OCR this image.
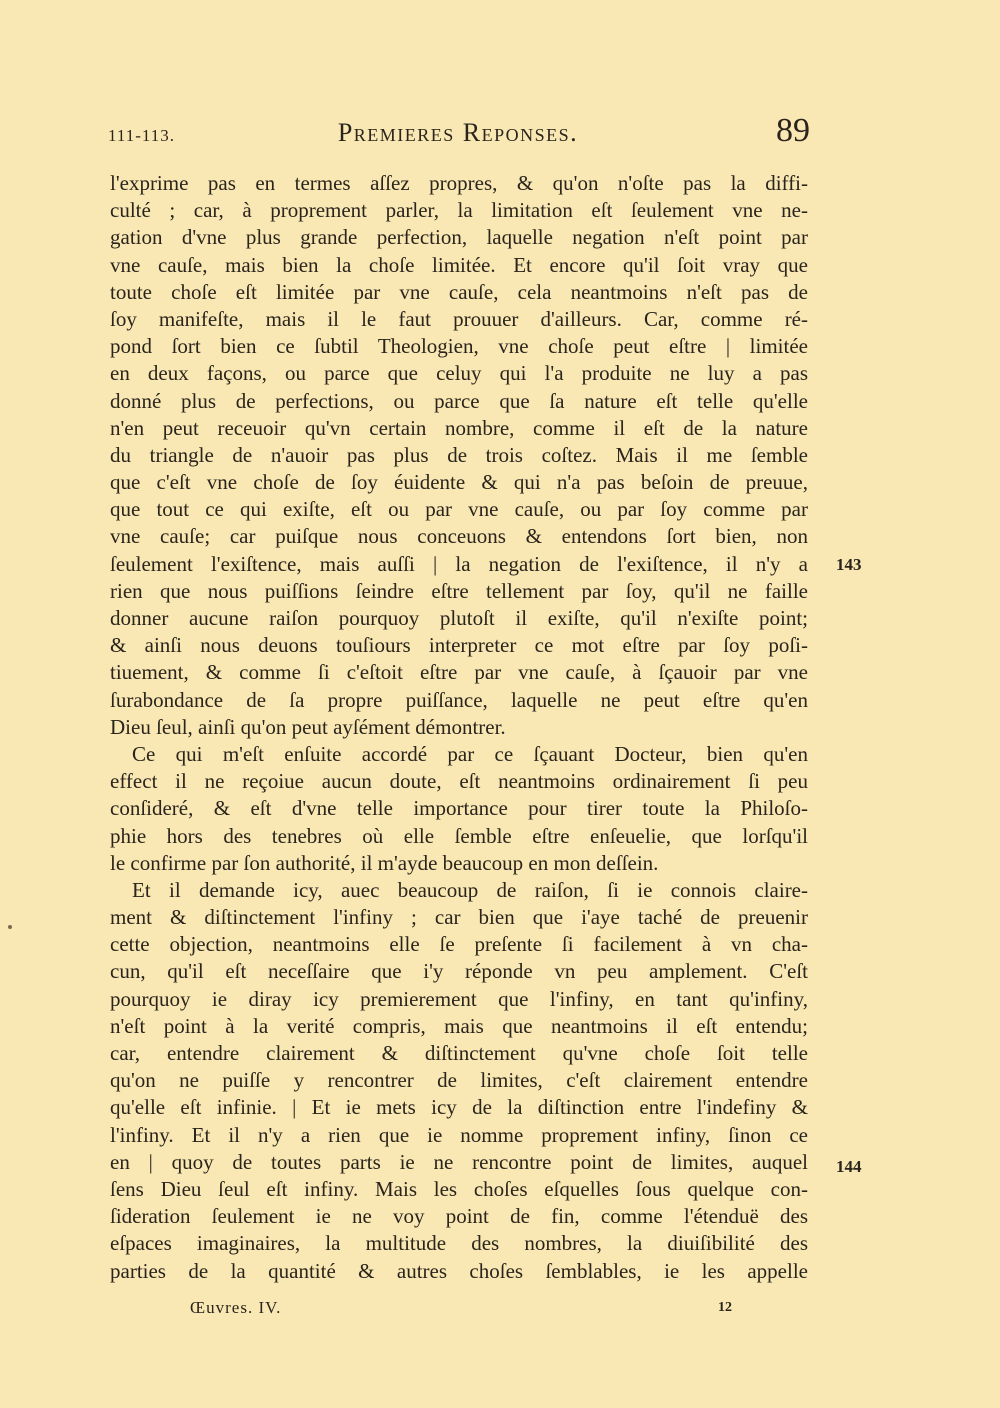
111-113.	Premieres Reponses.	89
l'exprime pas en termes aſſez propres, & qu'on n'oſte pas la diffi-
culté ; car, à proprement parler, la limitation eſt ſeulement vne ne-
gation d'vne plus grande perfection, laquelle negation n'eſt point par
vne cauſe, mais bien la choſe limitée. Et encore qu'il ſoit vray que
toute choſe eſt limitée par vne cauſe, cela neantmoins n'eſt pas de
ſoy manifeſte, mais il le faut prouuer d'ailleurs. Car, comme ré-
pond ſort bien ce ſubtil Theologien, vne choſe peut eſtre | limitée
en deux façons, ou parce que celuy qui l'a produite ne luy a pas
donné plus de perfections, ou parce que ſa nature eſt telle qu'elle
n'en peut receuoir qu'vn certain nombre, comme il eſt de la nature
du triangle de n'auoir pas plus de trois coſtez. Mais il me ſemble
que c'eſt vne choſe de ſoy éuidente & qui n'a pas beſoin de preuue,
que tout ce qui exiſte, eſt ou par vne cauſe, ou par ſoy comme par
vne cauſe; car puiſque nous conceuons & entendons ſort bien, non
ſeulement l'exiſtence, mais auſſi | la negation de l'exiſtence, il n'y a
rien que nous puiſſions ſeindre eſtre tellement par ſoy, qu'il ne faille
donner aucune raiſon pourquoy plutoſt il exiſte, qu'il n'exiſte point;
& ainſi nous deuons touſiours interpreter ce mot eſtre par ſoy poſi-
tiuement, & comme ſi c'eſtoit eſtre par vne cauſe, à ſçauoir par vne
ſurabondance de ſa propre puiſſance, laquelle ne peut eſtre qu'en
Dieu ſeul, ainſi qu'on peut ayſément démontrer.
Ce qui m'eſt enſuite accordé par ce ſçauant Docteur, bien qu'en
effect il ne reçoiue aucun doute, eſt neantmoins ordinairement ſi peu
conſideré, & eſt d'vne telle importance pour tirer toute la Philoſo-
phie hors des tenebres où elle ſemble eſtre enſeuelie, que lorſqu'il
le confirme par ſon authorité, il m'ayde beaucoup en mon deſſein.
Et il demande icy, auec beaucoup de raiſon, ſi ie connois claire-
ment & diſtinctement l'infiny ; car bien que i'aye taché de preuenir
cette objection, neantmoins elle ſe preſente ſi facilement à vn cha-
cun, qu'il eſt neceſſaire que i'y réponde vn peu amplement. C'eſt
pourquoy ie diray icy premierement que l'infiny, en tant qu'infiny,
n'eſt point à la verité compris, mais que neantmoins il eſt entendu;
car, entendre clairement & diſtinctement qu'vne choſe ſoit telle
qu'on ne puiſſe y rencontrer de limites, c'eſt clairement entendre
qu'elle eſt infinie. | Et ie mets icy de la diſtinction entre l'indefiny &
l'infiny. Et il n'y a rien que ie nomme proprement infiny, ſinon ce
en | quoy de toutes parts ie ne rencontre point de limites, auquel
ſens Dieu ſeul eſt infiny. Mais les choſes eſquelles ſous quelque con-
ſideration ſeulement ie ne voy point de fin, comme l'étenduë des
eſpaces imaginaires, la multitude des nombres, la diuiſibilité des
parties de la quantité & autres choſes ſemblables, ie les appelle
143
144
Œuvres. IV.	12
